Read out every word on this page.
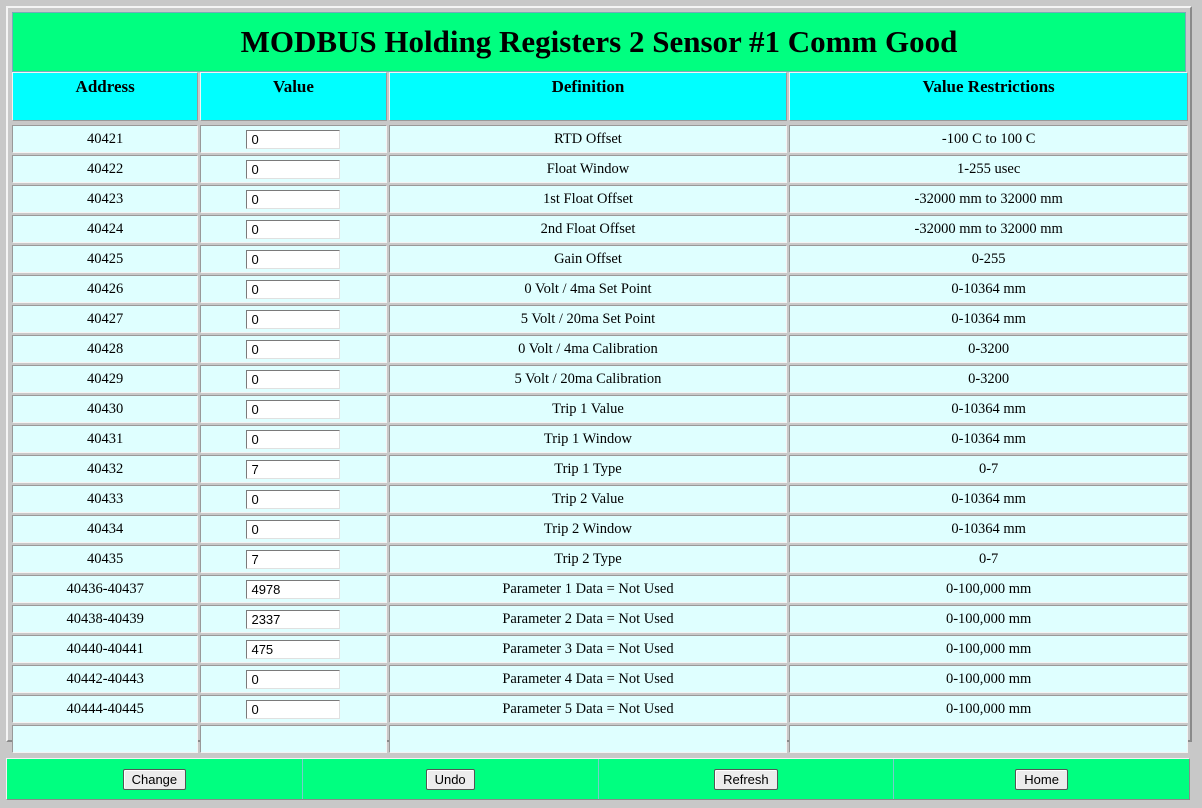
MODBUS Holding Registers 2 Sensor #1 Comm Good
Address	Value	Definition	Value Restrictions

40421	0	RTD Offset	-100 C to 100 C
40422	0	Float Window	1-255 usec
40423	0	1st Float Offset	-32000 mm to 32000 mm
40424	0	2nd Float Offset	-32000 mm to 32000 mm
40425	0	Gain Offset	0-255
40426	0	0 Volt / 4ma Set Point	0-10364 mm
40427	0	5 Volt / 20ma Set Point	0-10364 mm
40428	0	0 Volt / 4ma Calibration	0-3200
40429	0	5 Volt / 20ma Calibration	0-3200
40430	0	Trip 1 Value	0-10364 mm
40431	0	Trip 1 Window	0-10364 mm
40432	7	Trip 1 Type	0-7
40433	0	Trip 2 Value	0-10364 mm
40434	0	Trip 2 Window	0-10364 mm
40435	7	Trip 2 Type	0-7
40436-40437	4978	Parameter 1 Data = Not Used	0-100,000 mm
40438-40439	2337	Parameter 2 Data = Not Used	0-100,000 mm
40440-40441	475	Parameter 3 Data = Not Used	0-100,000 mm
40442-40443	0	Parameter 4 Data = Not Used	0-100,000 mm
40444-40445	0	Parameter 5 Data = Not Used	0-100,000 mm

Change	Undo	Refresh	Home
